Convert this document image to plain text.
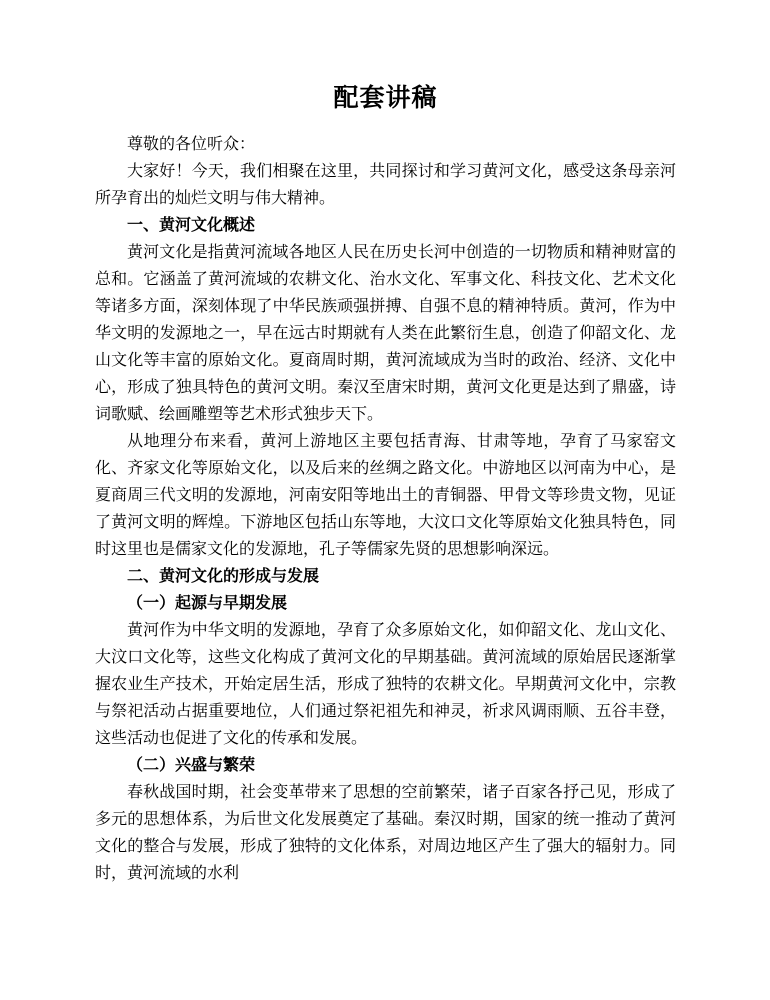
配套讲稿

尊敬的各位听众：

大家好！今天，我们相聚在这里，共同探讨和学习黄河文化，感受这条母亲河所孕育出的灿烂文明与伟大精神。

一、黄河文化概述

黄河文化是指黄河流域各地区人民在历史长河中创造的一切物质和精神财富的总和。它涵盖了黄河流域的农耕文化、治水文化、军事文化、科技文化、艺术文化等诸多方面，深刻体现了中华民族顽强拼搏、自强不息的精神特质。黄河，作为中华文明的发源地之一，早在远古时期就有人类在此繁衍生息，创造了仰韶文化、龙山文化等丰富的原始文化。夏商周时期，黄河流域成为当时的政治、经济、文化中心，形成了独具特色的黄河文明。秦汉至唐宋时期，黄河文化更是达到了鼎盛，诗词歌赋、绘画雕塑等艺术形式独步天下。

从地理分布来看，黄河上游地区主要包括青海、甘肃等地，孕育了马家窑文化、齐家文化等原始文化，以及后来的丝绸之路文化。中游地区以河南为中心，是夏商周三代文明的发源地，河南安阳等地出土的青铜器、甲骨文等珍贵文物，见证了黄河文明的辉煌。下游地区包括山东等地，大汶口文化等原始文化独具特色，同时这里也是儒家文化的发源地，孔子等儒家先贤的思想影响深远。

二、黄河文化的形成与发展

（一）起源与早期发展

黄河作为中华文明的发源地，孕育了众多原始文化，如仰韶文化、龙山文化、大汶口文化等，这些文化构成了黄河文化的早期基础。黄河流域的原始居民逐渐掌握农业生产技术，开始定居生活，形成了独特的农耕文化。早期黄河文化中，宗教与祭祀活动占据重要地位，人们通过祭祀祖先和神灵，祈求风调雨顺、五谷丰登，这些活动也促进了文化的传承和发展。

（二）兴盛与繁荣

春秋战国时期，社会变革带来了思想的空前繁荣，诸子百家各抒己见，形成了多元的思想体系，为后世文化发展奠定了基础。秦汉时期，国家的统一推动了黄河文化的整合与发展，形成了独特的文化体系，对周边地区产生了强大的辐射力。同时，黄河流域的水利
